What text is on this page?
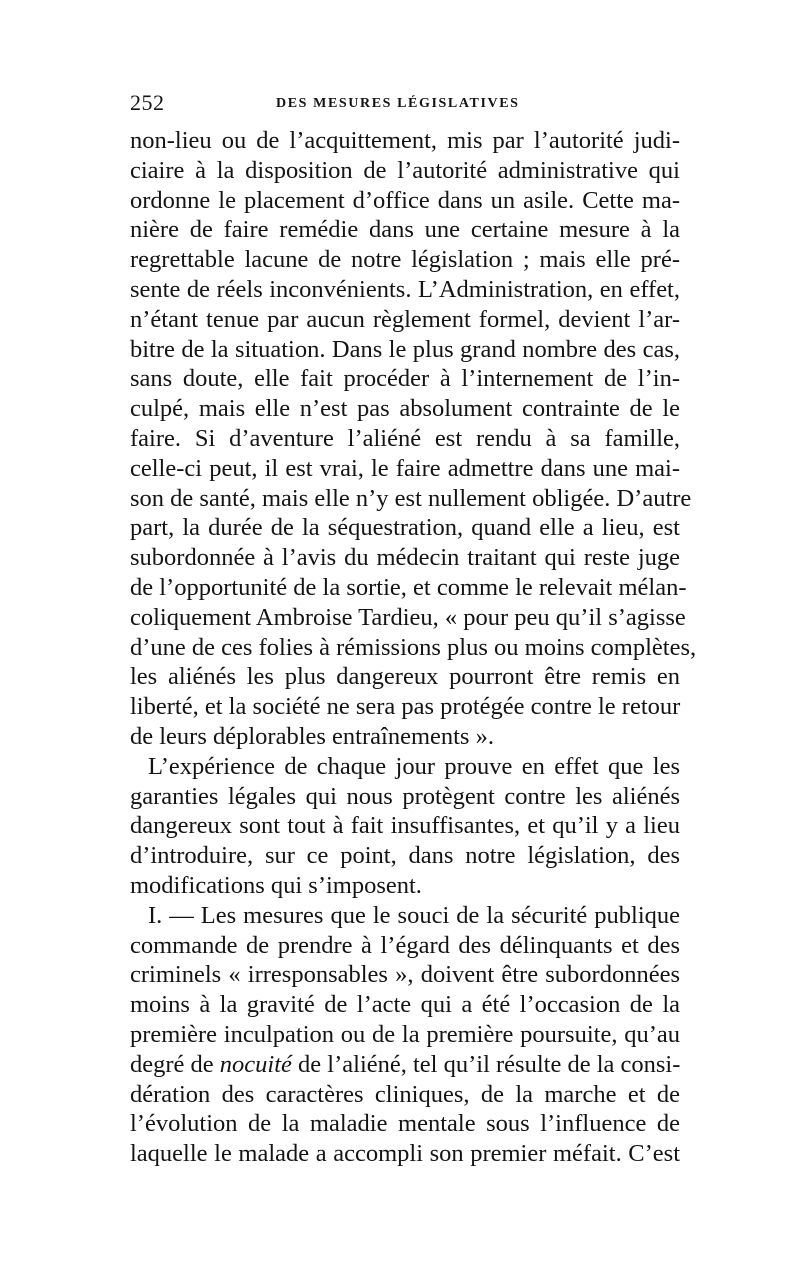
252	DES MESURES LÉGISLATIVES
non-lieu ou de l’acquittement, mis par l’autorité judi-
ciaire à la disposition de l’autorité administrative qui
ordonne le placement d’office dans un asile. Cette ma-
nière de faire remédie dans une certaine mesure à la
regrettable lacune de notre législation ; mais elle pré-
sente de réels inconvénients. L’Administration, en effet,
n’étant tenue par aucun règlement formel, devient l’ar-
bitre de la situation. Dans le plus grand nombre des cas,
sans doute, elle fait procéder à l’internement de l’in-
culpé, mais elle n’est pas absolument contrainte de le
faire. Si d’aventure l’aliéné est rendu à sa famille,
celle-ci peut, il est vrai, le faire admettre dans une mai-
son de santé, mais elle n’y est nullement obligée. D’autre
part, la durée de la séquestration, quand elle a lieu, est
subordonnée à l’avis du médecin traitant qui reste juge
de l’opportunité de la sortie, et comme le relevait mélan-
coliquement Ambroise Tardieu, « pour peu qu’il s’agisse
d’une de ces folies à rémissions plus ou moins complètes,
les aliénés les plus dangereux pourront être remis en
liberté, et la société ne sera pas protégée contre le retour
de leurs déplorables entraînements ».
L’expérience de chaque jour prouve en effet que les
garanties légales qui nous protègent contre les aliénés
dangereux sont tout à fait insuffisantes, et qu’il y a lieu
d’introduire, sur ce point, dans notre législation, des
modifications qui s’imposent.
I. — Les mesures que le souci de la sécurité publique
commande de prendre à l’égard des délinquants et des
criminels « irresponsables », doivent être subordonnées
moins à la gravité de l’acte qui a été l’occasion de la
première inculpation ou de la première poursuite, qu’au
degré de nocuité de l’aliéné, tel qu’il résulte de la consi-
dération des caractères cliniques, de la marche et de
l’évolution de la maladie mentale sous l’influence de
laquelle le malade a accompli son premier méfait. C’est
